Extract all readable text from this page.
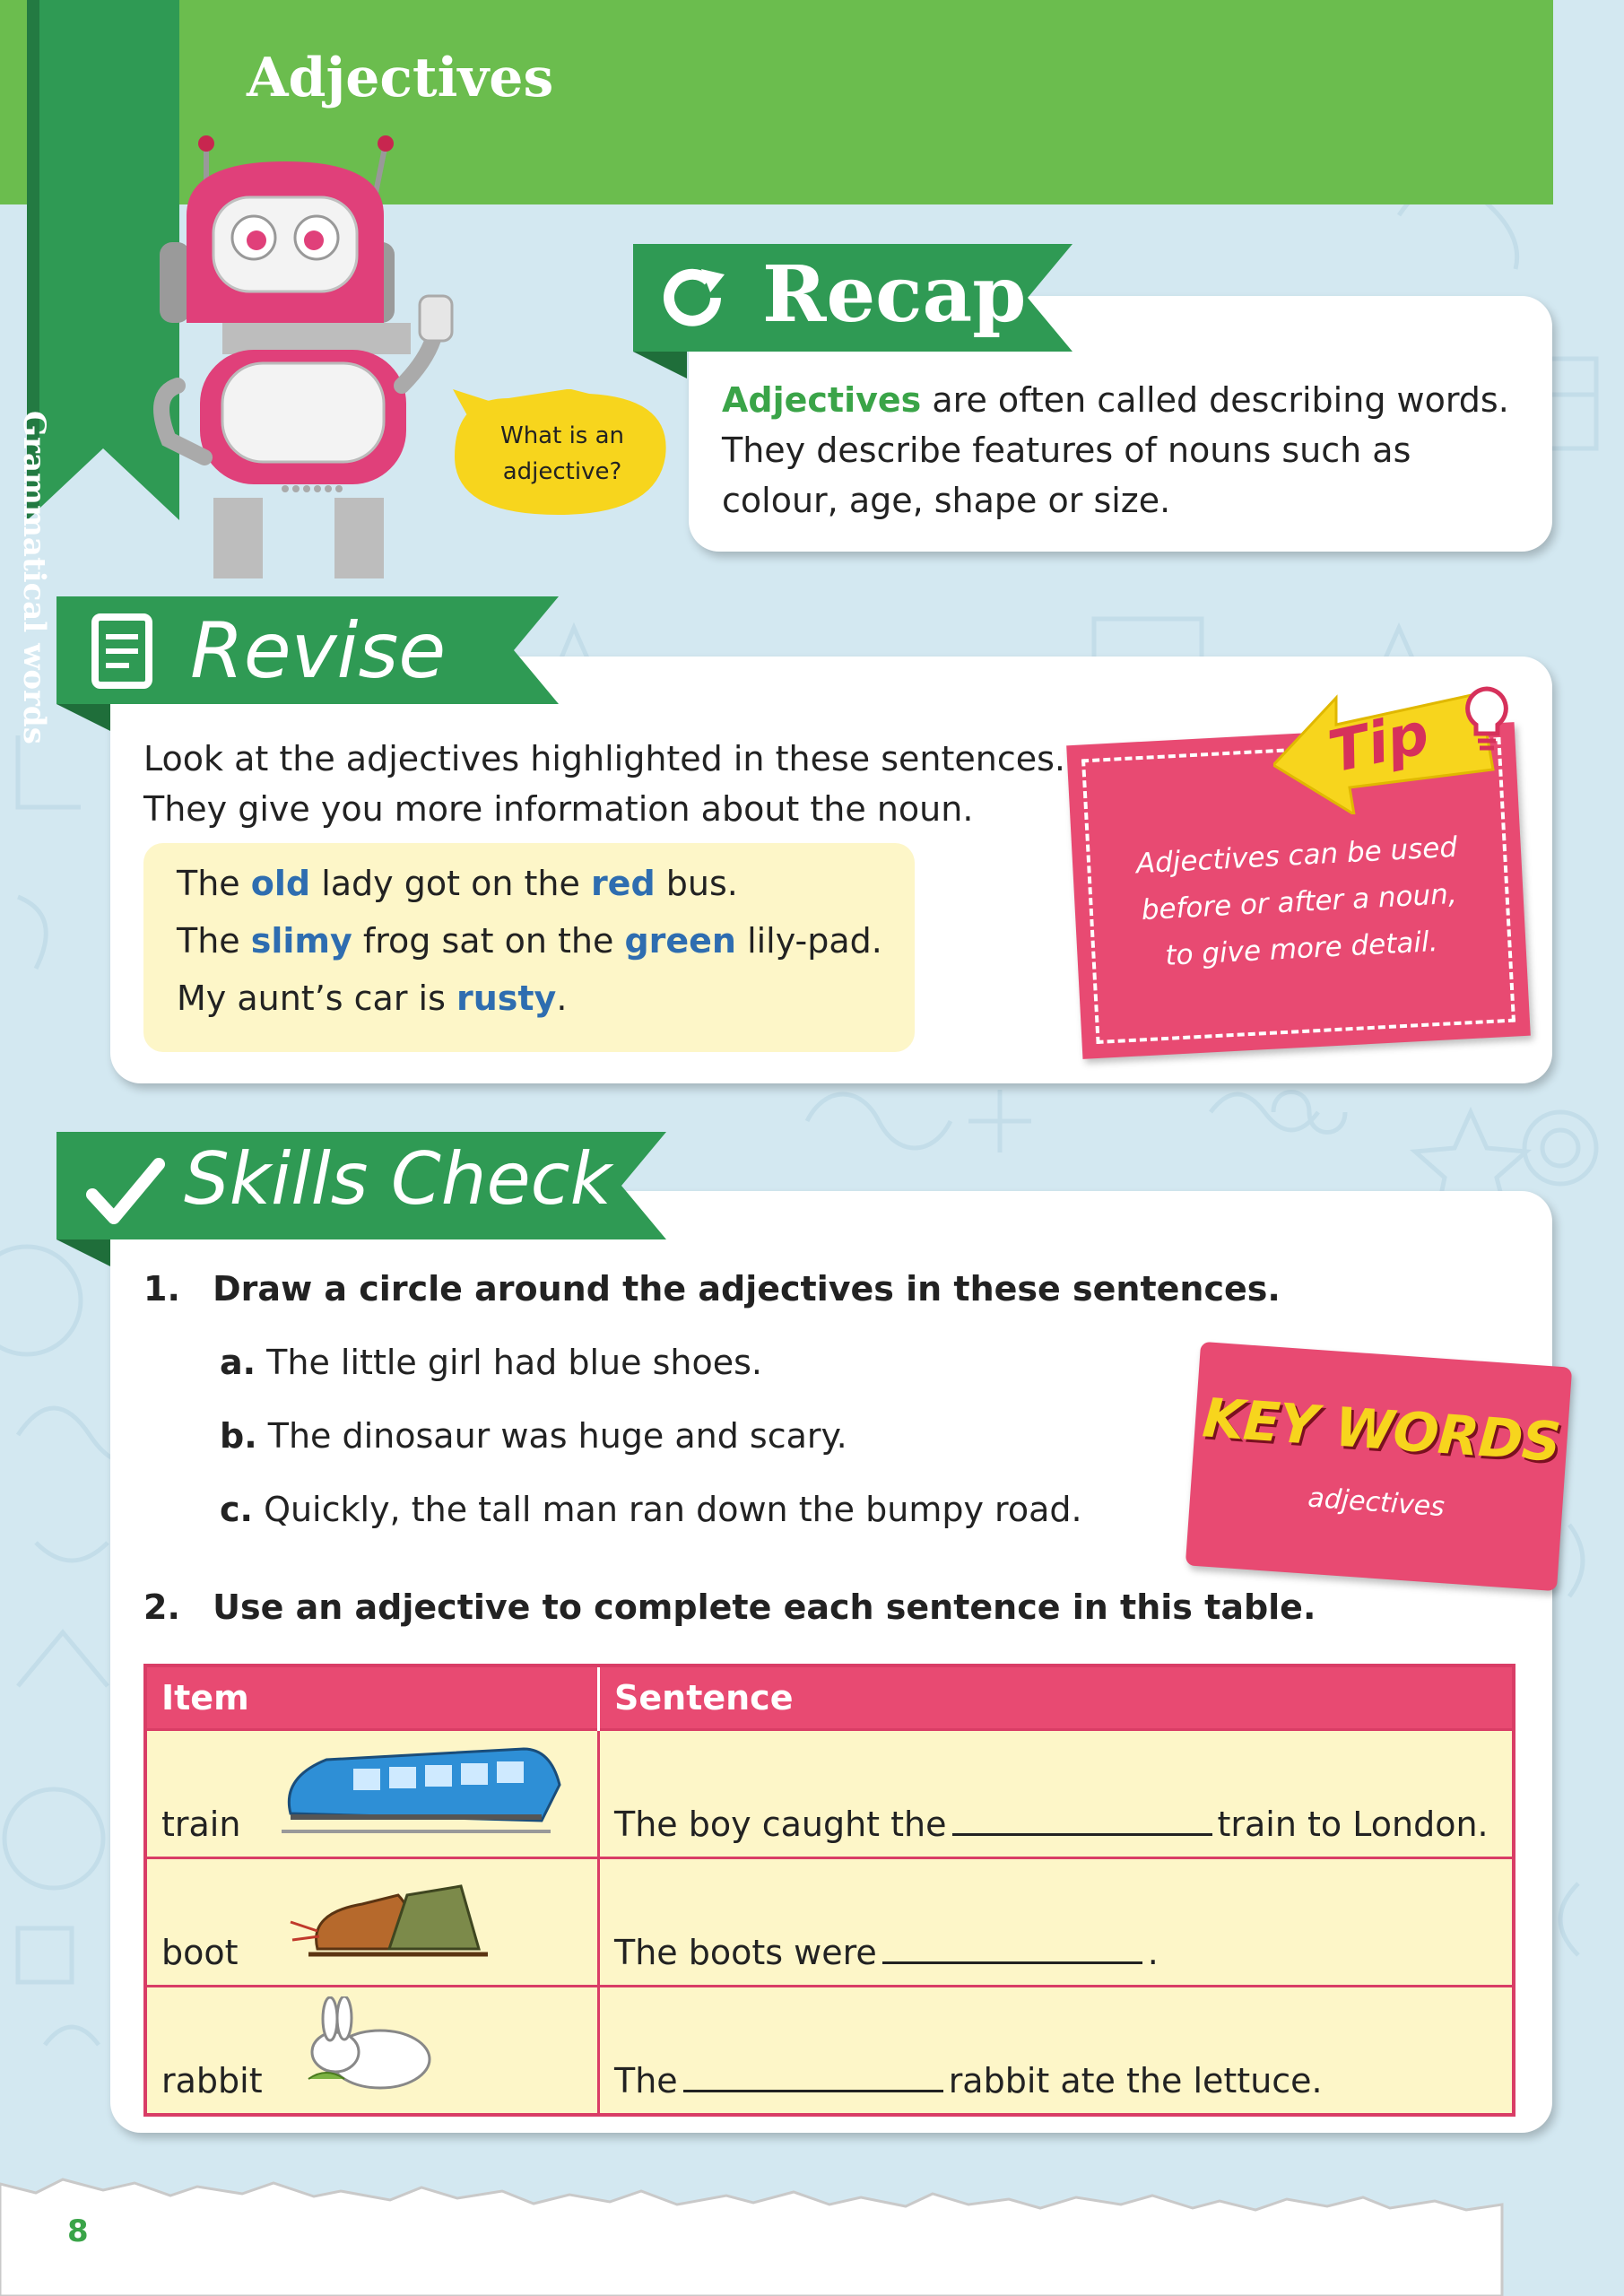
Adjectives
Grammatical words	What is an
adjective?
Recap
Adjectives are often called describing words.
They describe features of nouns such as
colour, age, shape or size.
Revise
Look at the adjectives highlighted in these sentences.
They give you more information about the noun.
The old lady got on the red bus.
The slimy frog sat on the green lily-pad.
My aunt’s car is rusty.
Adjectives can be used
before or after a noun,
to give more detail.
Tip
Skills Check
1. Draw a circle around the adjectives in these sentences.
a. The little girl had blue shoes.
b. The dinosaur was huge and scary.
c. Quickly, the tall man ran down the bumpy road.
KEY WORDS
adjectives
2. Use an adjective to complete each sentence in this table.
Item	Sentence
train	The boy caught the train to London.
boot	The boots were .
rabbit	The rabbit ate the lettuce.
8
